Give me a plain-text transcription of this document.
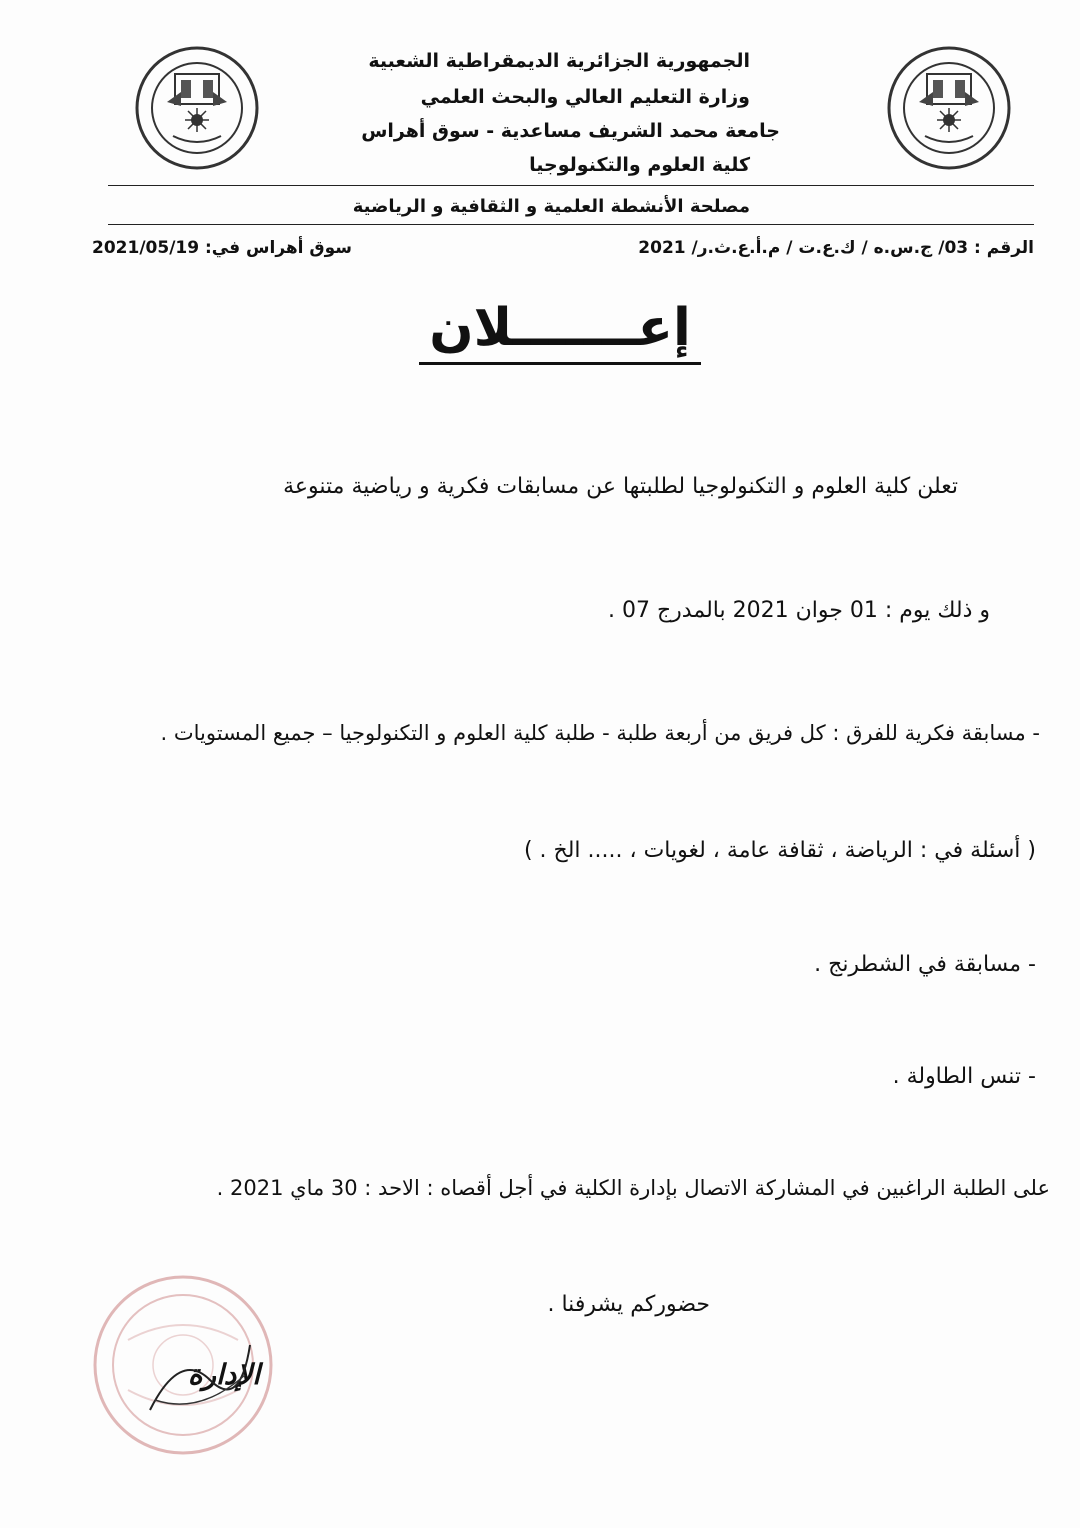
الجمهورية الجزائرية الديمقراطية الشعبية
وزارة التعليم العالي والبحث العلمي
جامعة محمد الشريف مساعدية - سوق أهراس
كلية العلوم والتكنولوجيا
مصلحة الأنشطة العلمية و الثقافية و الرياضية
الرقم : 03/ ج.س.ه / ك.ع.ت / م.أ.ع.ث.ر/ 2021
سوق أهراس في: 2021/05/19
إعـــــــلان
تعلن كلية العلوم و التكنولوجيا لطلبتها عن مسابقات فكرية و رياضية متنوعة
و ذلك يوم : 01 جوان 2021 بالمدرج 07 .
- مسابقة فكرية للفرق : كل فريق من أربعة طلبة - طلبة كلية العلوم و التكنولوجيا – جميع المستويات .
( أسئلة في : الرياضة ، ثقافة عامة ، لغويات ، ..... الخ . )
- مسابقة في الشطرنج .
- تنس الطاولة .
على الطلبة الراغبين في المشاركة الاتصال بإدارة الكلية في أجل أقصاه : الاحد : 30 ماي 2021 .
حضوركم يشرفنا .
الإدارة
